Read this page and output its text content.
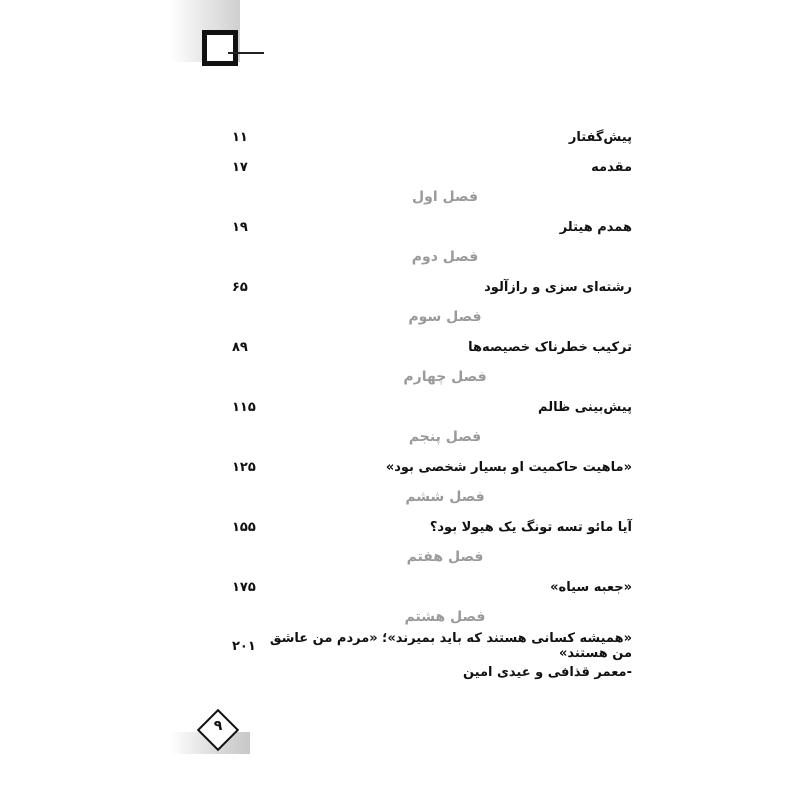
پیش‌گفتار
۱۱
مقدمه
۱۷
فصل اول
همدم هیتلر
۱۹
فصل دوم
رشته‌ای سزی و رازآلود
۶۵
فصل سوم
ترکیب خطرناک خصیصه‌ها
۸۹
فصل چهارم
پیش‌بینی ظالم
۱۱۵
فصل پنجم
«ماهیت حاکمیت او بسیار شخصی بود»
۱۲۵
فصل ششم
آیا مائو تسه تونگ یک هیولا بود؟
۱۵۵
فصل هفتم
«جعبه سیاه»
۱۷۵
فصل هشتم
«همیشه کسانی هستند که باید بمیرند»؛ «مردم من عاشق من هستند»
۲۰۱
-معمر قذافی و عیدی امین
۹
